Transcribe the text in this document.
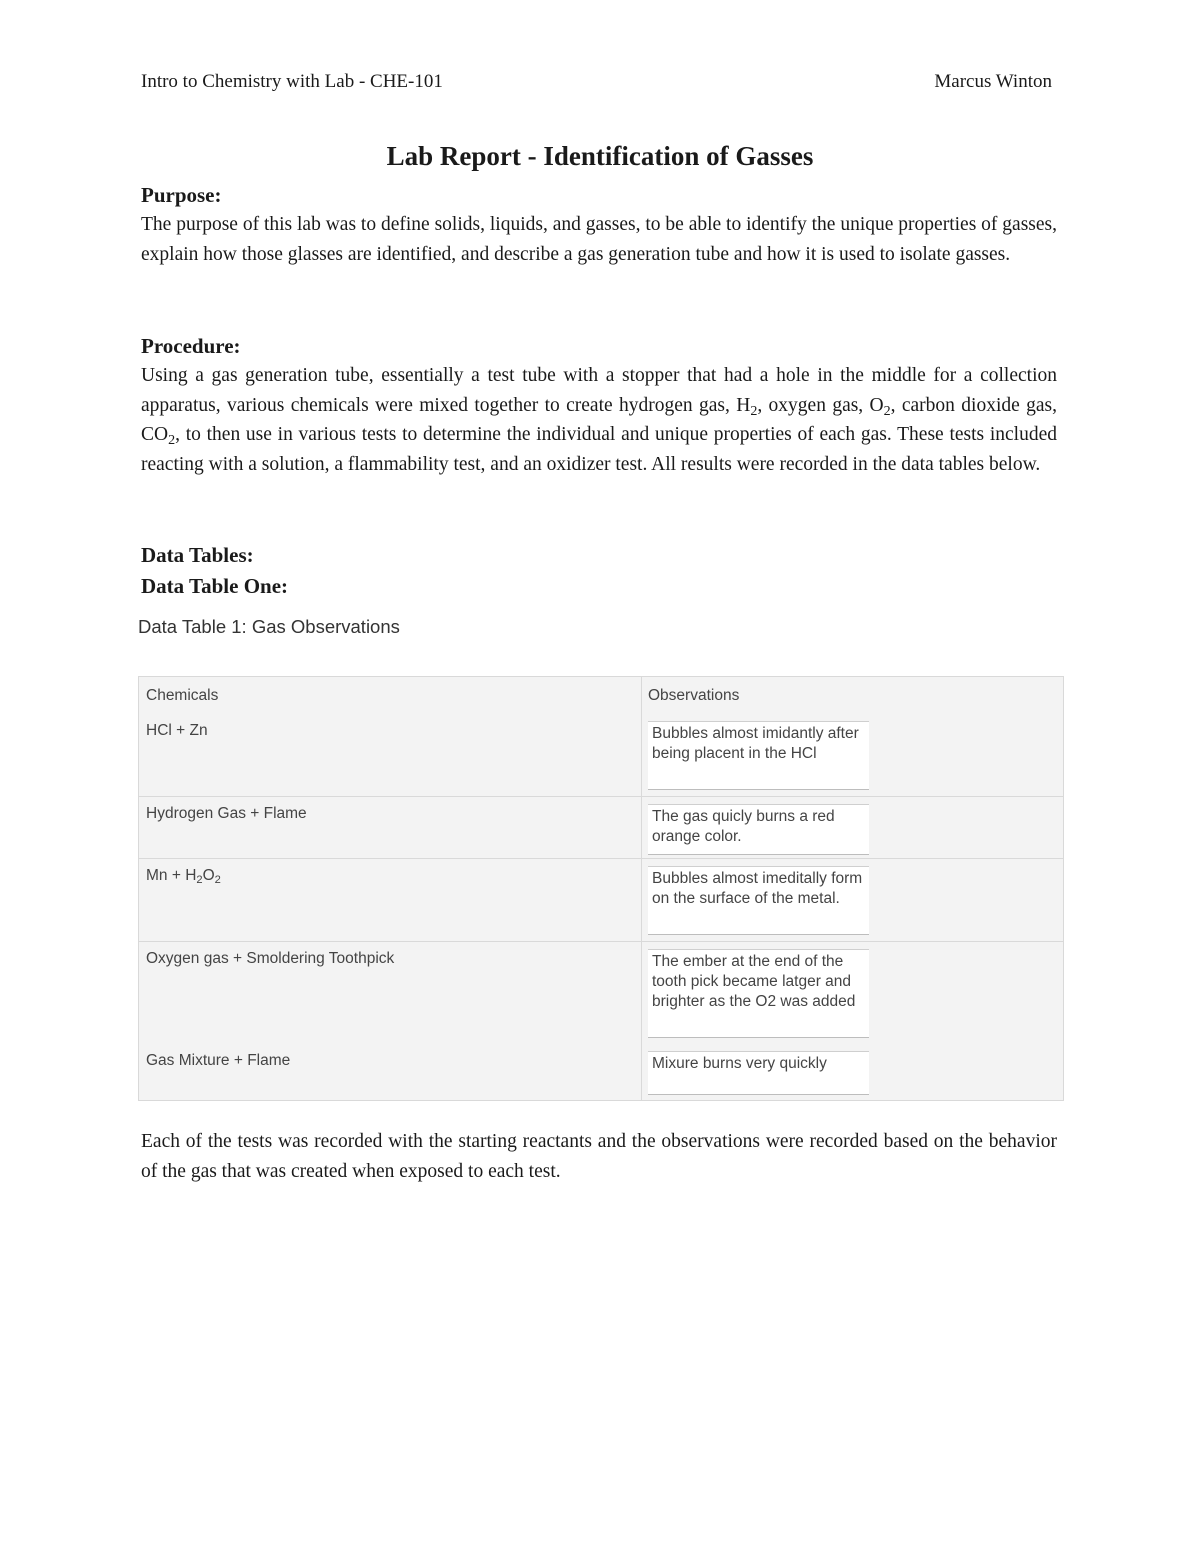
Intro to Chemistry with Lab - CHE-101	Marcus Winton
Lab Report - Identification of Gasses
Purpose:
The purpose of this lab was to define solids, liquids, and gasses, to be able to identify the unique properties of gasses, explain how those glasses are identified, and describe a gas generation tube and how it is used to isolate gasses.
Procedure:
Using a gas generation tube, essentially a test tube with a stopper that had a hole in the middle for a collection apparatus, various chemicals were mixed together to create hydrogen gas, $H_2$, oxygen gas, $O_2$, carbon dioxide gas, $CO_2$, to then use in various tests to determine the individual and unique properties of each gas. These tests included reacting with a solution, a flammability test, and an oxidizer test. All results were recorded in the data tables below.
Data Tables:
Data Table One:
Data Table 1: Gas Observations
Chemicals	Observations
HCl + Zn	Bubbles almost imidantly after being placent in the HCl
Hydrogen Gas + Flame	The gas quicly burns a red orange color.
$Mn + H_2O_2$	Bubbles almost imeditally form on the surface of the metal.
Oxygen gas + Smoldering Toothpick	The ember at the end of the tooth pick became latger and brighter as the O2 was added
Gas Mixture + Flame	Mixure burns very quickly
Each of the tests was recorded with the starting reactants and the observations were recorded based on the behavior of the gas that was created when exposed to each test.
